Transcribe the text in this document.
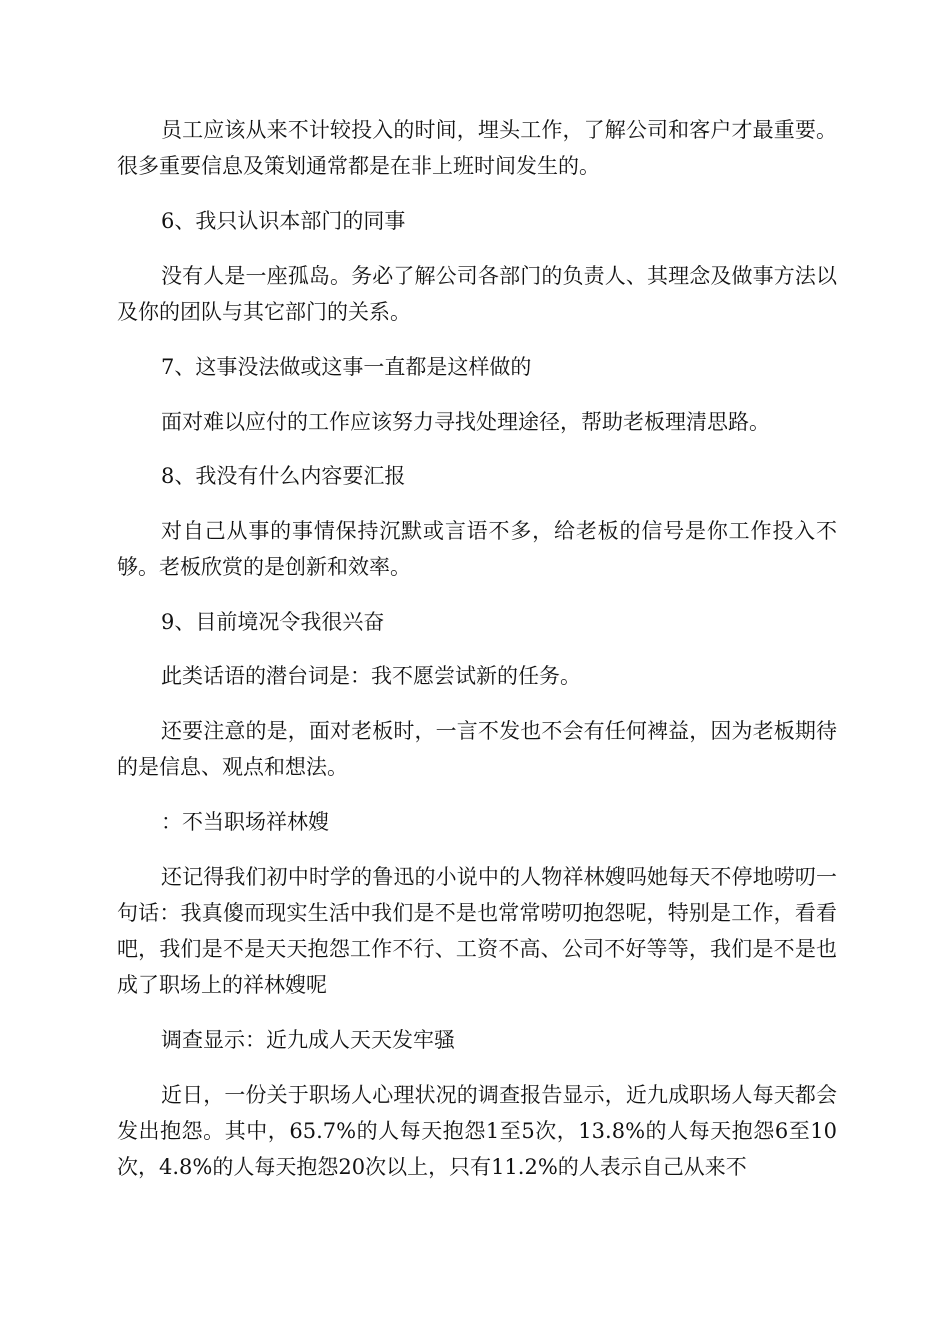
员工应该从来不计较投入的时间，埋头工作，了解公司和客户才最重要。很多重要信息及策划通常都是在非上班时间发生的。

6、我只认识本部门的同事

没有人是一座孤岛。务必了解公司各部门的负责人、其理念及做事方法以及你的团队与其它部门的关系。

7、这事没法做或这事一直都是这样做的

面对难以应付的工作应该努力寻找处理途径，帮助老板理清思路。

8、我没有什么内容要汇报

对自己从事的事情保持沉默或言语不多，给老板的信号是你工作投入不够。老板欣赏的是创新和效率。

9、目前境况令我很兴奋

此类话语的潜台词是：我不愿尝试新的任务。

还要注意的是，面对老板时，一言不发也不会有任何裨益，因为老板期待的是信息、观点和想法。

：不当职场祥林嫂

还记得我们初中时学的鲁迅的小说中的人物祥林嫂吗她每天不停地唠叨一句话：我真傻而现实生活中我们是不是也常常唠叨抱怨呢，特别是工作，看看吧，我们是不是天天抱怨工作不行、工资不高、公司不好等等，我们是不是也成了职场上的祥林嫂呢

调查显示：近九成人天天发牢骚

近日，一份关于职场人心理状况的调查报告显示，近九成职场人每天都会发出抱怨。其中，65.7%的人每天抱怨1至5次，13.8%的人每天抱怨6至10次，4.8%的人每天抱怨20次以上，只有11.2%的人表示自己从来不
